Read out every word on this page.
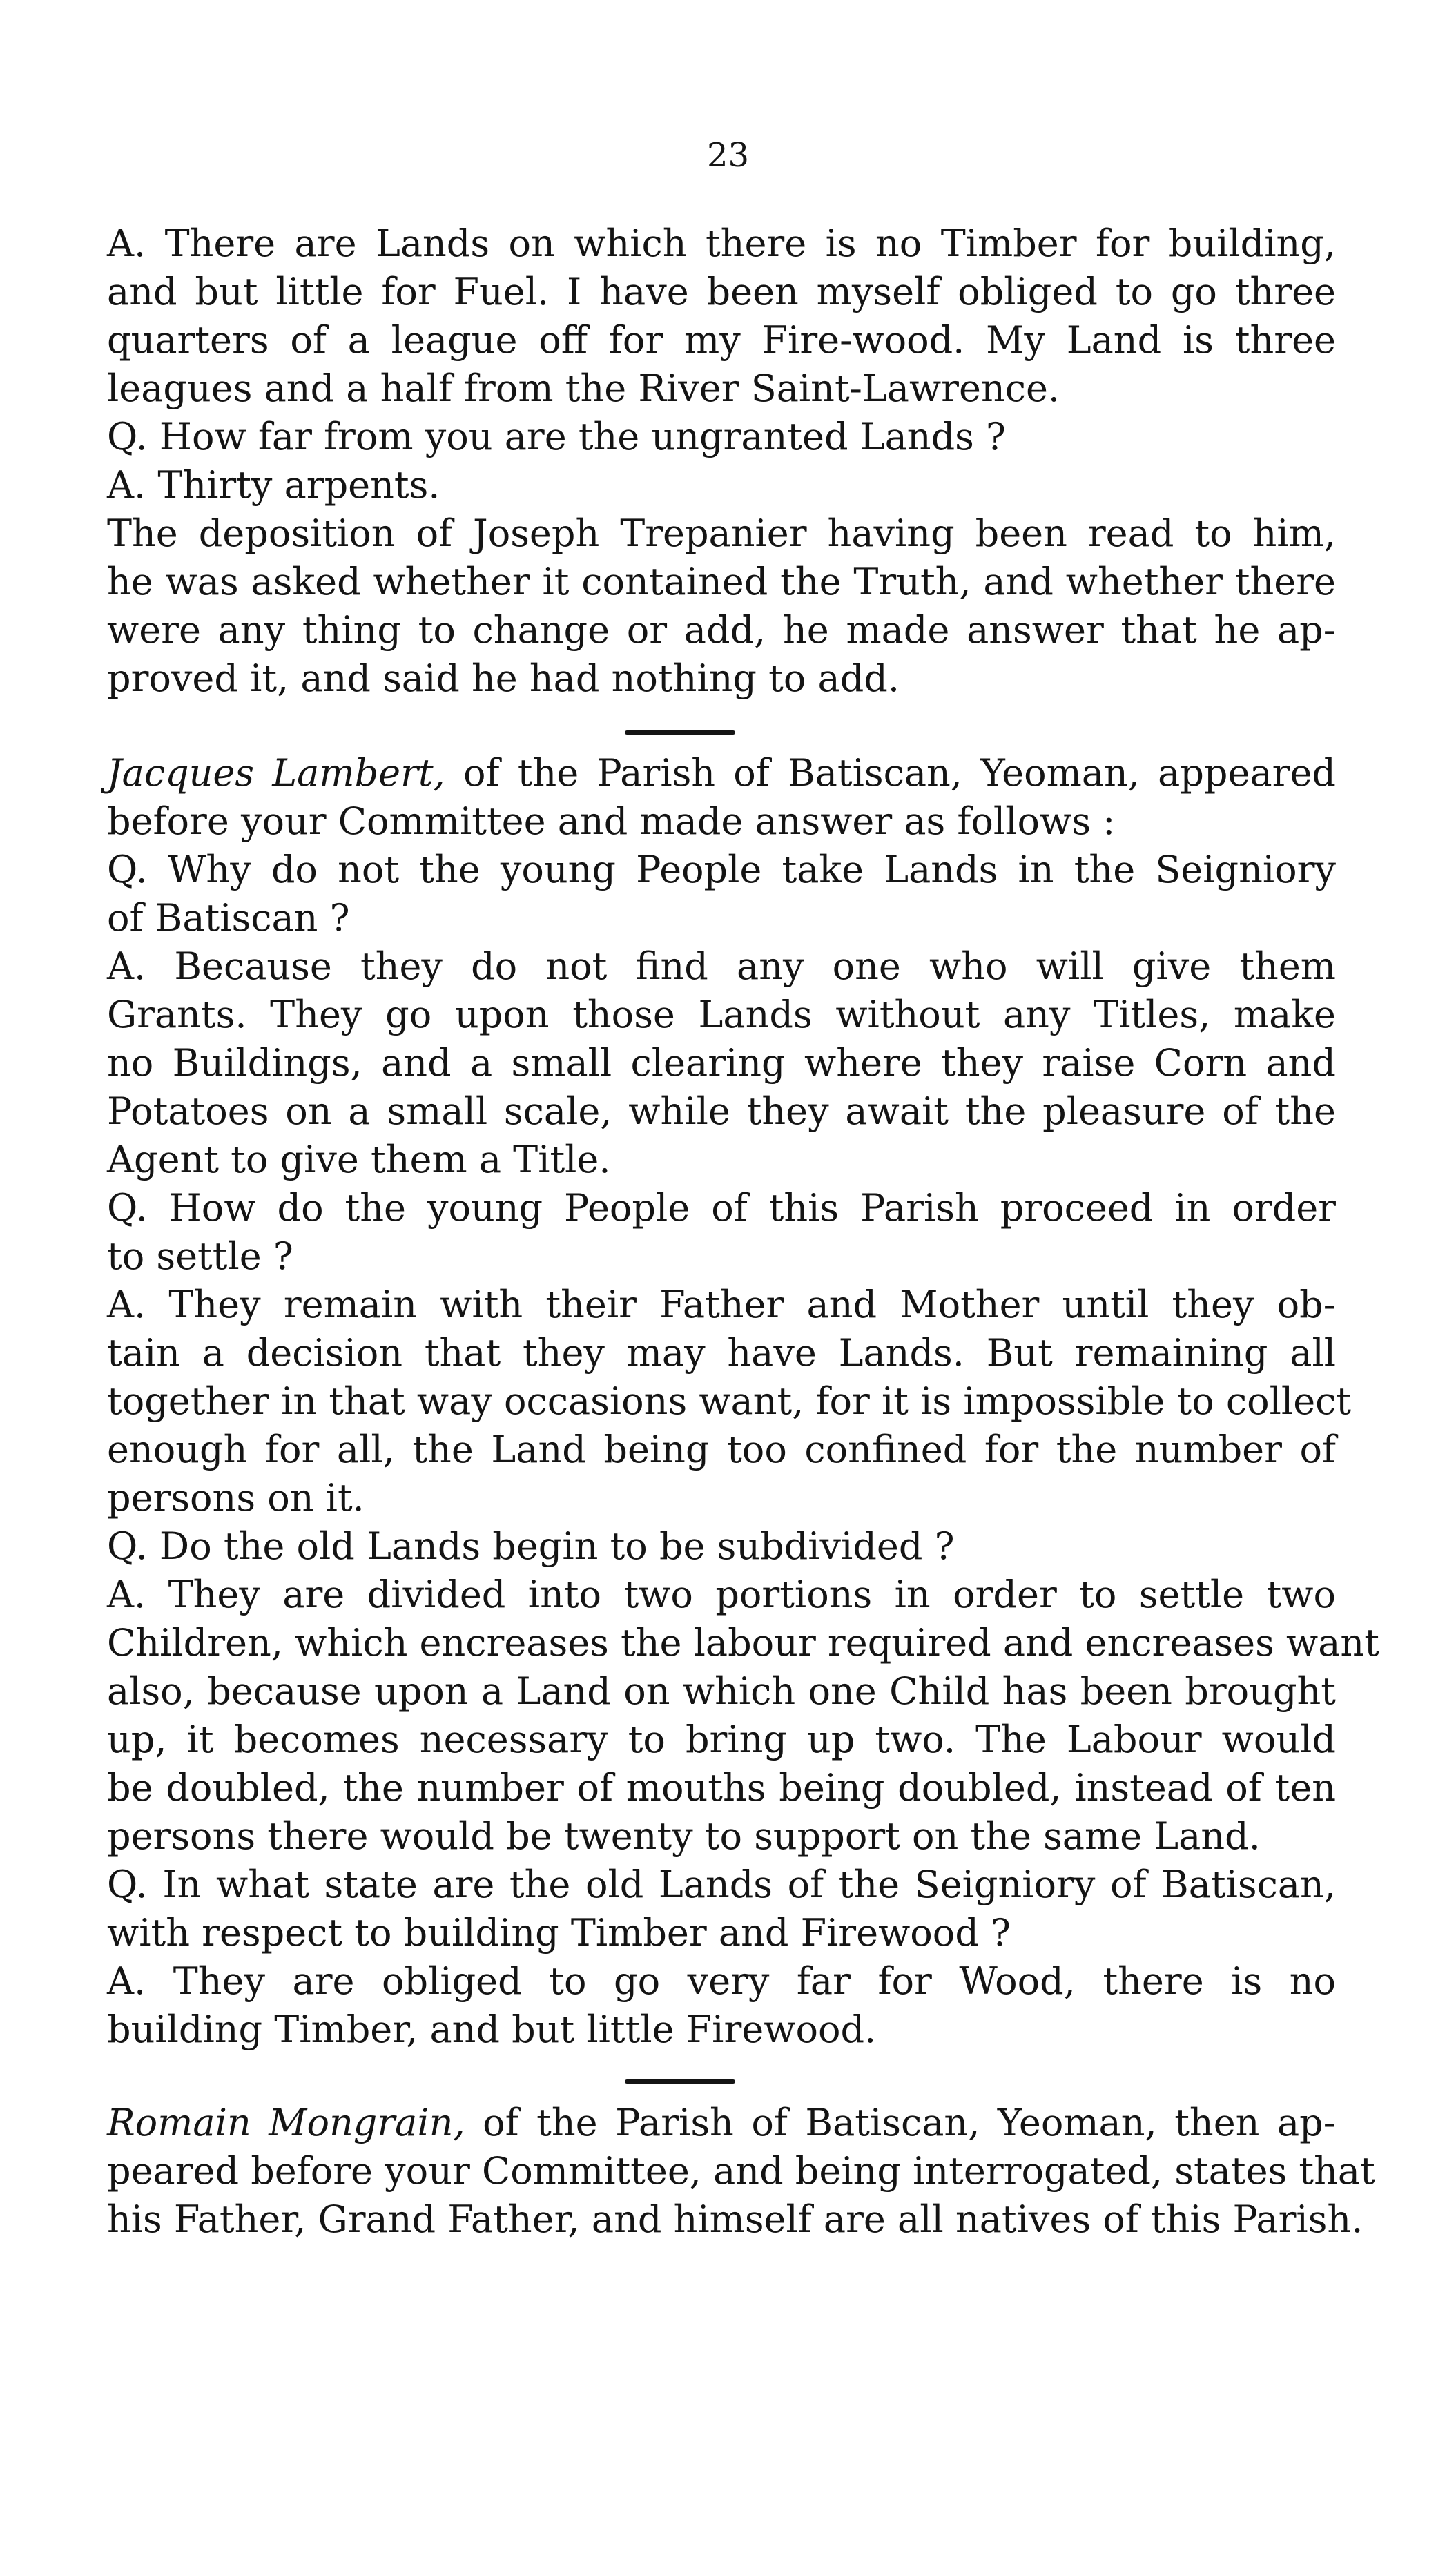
23

A. There are Lands on which there is no Timber for building,
and but little for Fuel. I have been myself obliged to go three
quarters of a league off for my Fire-wood. My Land is three
leagues and a half from the River Saint-Lawrence.

Q. How far from you are the ungranted Lands ?

A. Thirty arpents.

The deposition of Joseph Trepanier having been read to him,
he was asked whether it contained the Truth, and whether there
were any thing to change or add, he made answer that he ap-
proved it, and said he had nothing to add.

Jacques Lambert, of the Parish of Batiscan, Yeoman, appeared
before your Committee and made answer as follows :

Q. Why do not the young People take Lands in the Seigniory
of Batiscan ?

A. Because they do not find any one who will give them
Grants. They go upon those Lands without any Titles, make
no Buildings, and a small clearing where they raise Corn and
Potatoes on a small scale, while they await the pleasure of the
Agent to give them a Title.

Q. How do the young People of this Parish proceed in order
to settle ?

A. They remain with their Father and Mother until they ob-
tain a decision that they may have Lands. But remaining all
together in that way occasions want, for it is impossible to collect
enough for all, the Land being too confined for the number of
persons on it.

Q. Do the old Lands begin to be subdivided ?

A. They are divided into two portions in order to settle two
Children, which encreases the labour required and encreases want
also, because upon a Land on which one Child has been brought
up, it becomes necessary to bring up two. The Labour would
be doubled, the number of mouths being doubled, instead of ten
persons there would be twenty to support on the same Land.

Q. In what state are the old Lands of the Seigniory of Batiscan,
with respect to building Timber and Firewood ?

A. They are obliged to go very far for Wood, there is no
building Timber, and but little Firewood.

Romain Mongrain, of the Parish of Batiscan, Yeoman, then ap-
peared before your Committee, and being interrogated, states that
his Father, Grand Father, and himself are all natives of this Parish.
